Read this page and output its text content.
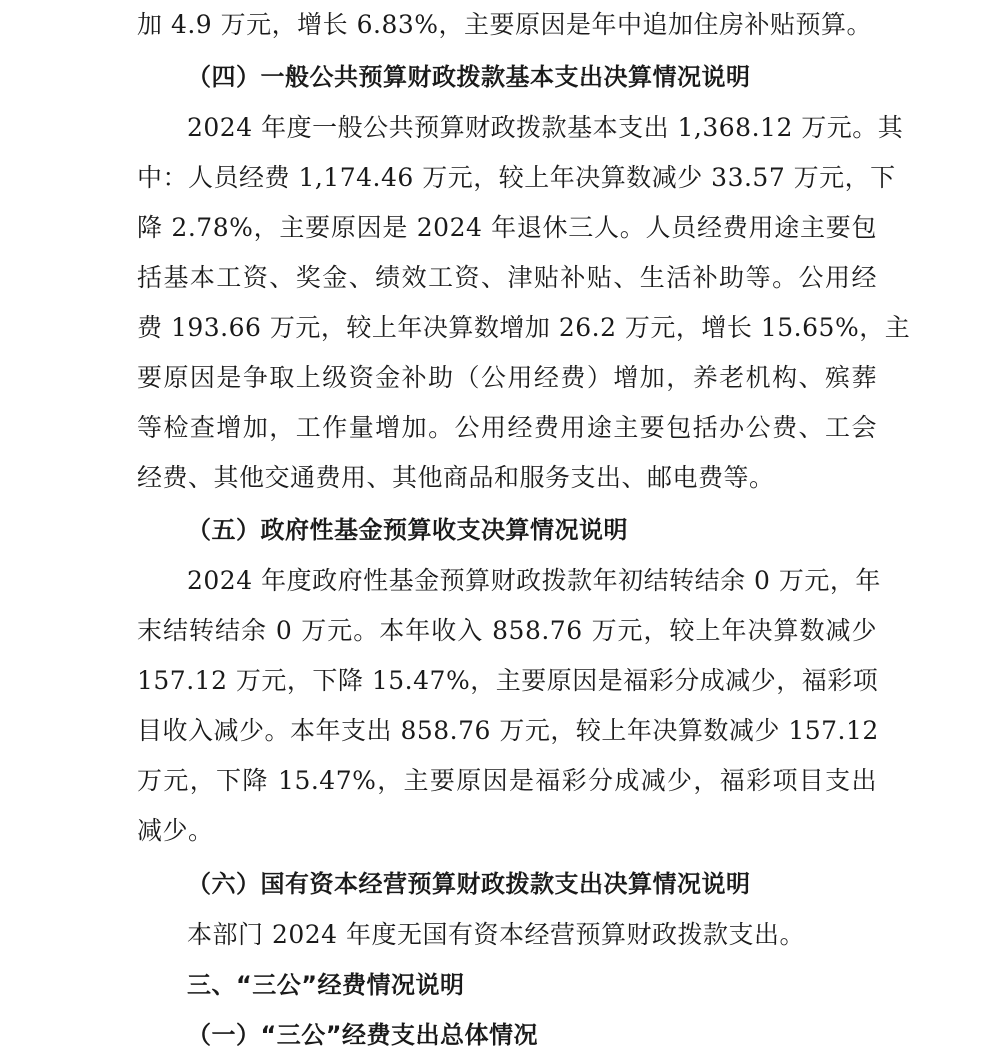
加 4.9 万元，增长 6.83%，主要原因是年中追加住房补贴预算。
（四）一般公共预算财政拨款基本支出决算情况说明
2024 年度一般公共预算财政拨款基本支出 1,368.12 万元。其
中：人员经费 1,174.46 万元，较上年决算数减少 33.57 万元，下
降 2.78%，主要原因是 2024 年退休三人。人员经费用途主要包
括基本工资、奖金、绩效工资、津贴补贴、生活补助等。公用经
费 193.66 万元，较上年决算数增加 26.2 万元，增长 15.65%，主
要原因是争取上级资金补助（公用经费）增加，养老机构、殡葬
等检查增加，工作量增加。公用经费用途主要包括办公费、工会
经费、其他交通费用、其他商品和服务支出、邮电费等。
（五）政府性基金预算收支决算情况说明
2024 年度政府性基金预算财政拨款年初结转结余 0 万元，年
末结转结余 0 万元。本年收入 858.76 万元，较上年决算数减少
157.12 万元，下降 15.47%，主要原因是福彩分成减少，福彩项
目收入减少。本年支出 858.76 万元，较上年决算数减少 157.12
万元，下降 15.47%，主要原因是福彩分成减少，福彩项目支出
减少。
（六）国有资本经营预算财政拨款支出决算情况说明
本部门 2024 年度无国有资本经营预算财政拨款支出。
三、“三公”经费情况说明
（一）“三公”经费支出总体情况
